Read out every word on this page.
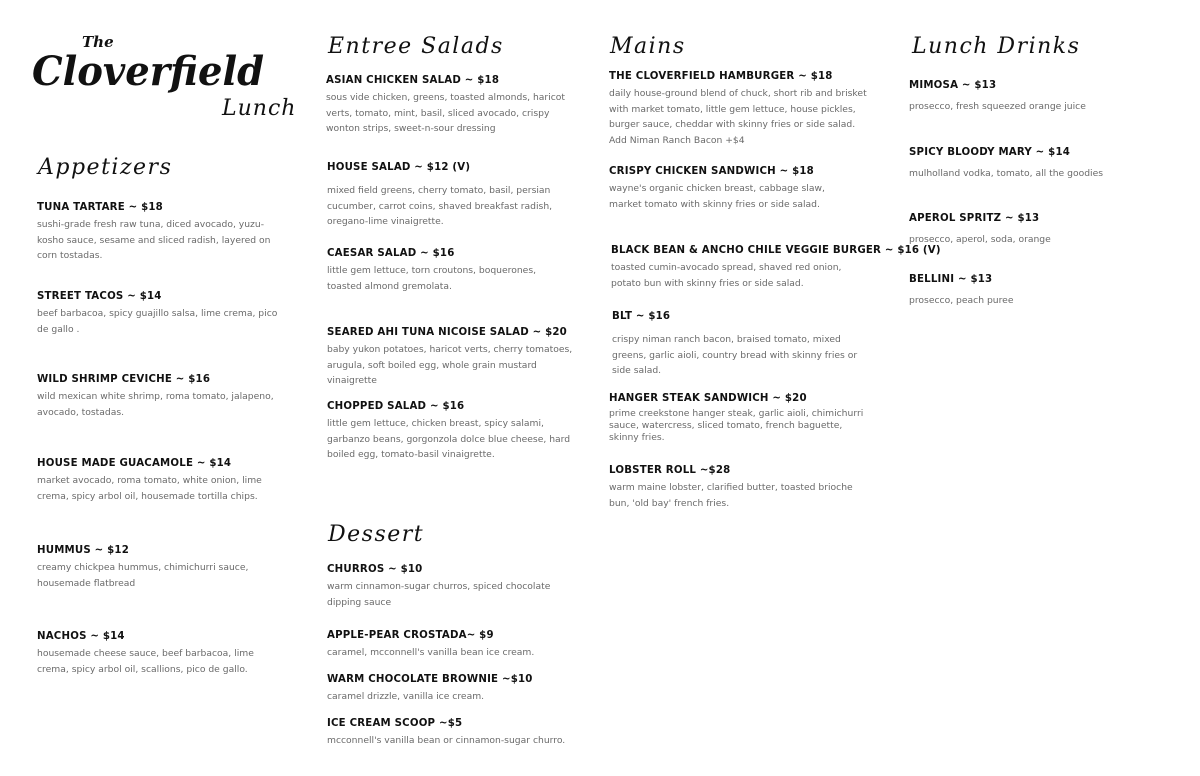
The
Cloverfield
Lunch
Appetizers
TUNA TARTARE ~ $18
sushi-grade fresh raw tuna, diced avocado, yuzu-kosho sauce, sesame and sliced radish, layered on corn tostadas.
STREET TACOS ~ $14
beef barbacoa, spicy guajillo salsa, lime crema, pico de gallo .
WILD SHRIMP CEVICHE ~ $16
wild mexican white shrimp, roma tomato, jalapeno, avocado, tostadas.
HOUSE MADE GUACAMOLE ~ $14
market avocado, roma tomato, white onion, lime crema, spicy arbol oil, housemade tortilla chips.
HUMMUS ~ $12
creamy chickpea hummus, chimichurri sauce, housemade flatbread
NACHOS ~ $14
housemade cheese sauce, beef barbacoa, lime crema, spicy arbol oil, scallions, pico de gallo.
Entree Salads
ASIAN CHICKEN SALAD ~ $18
sous vide chicken, greens, toasted almonds, haricot verts, tomato, mint, basil, sliced avocado, crispy wonton strips, sweet-n-sour dressing
HOUSE SALAD ~ $12 (V)
mixed field greens, cherry tomato, basil, persian cucumber, carrot coins, shaved breakfast radish, oregano-lime vinaigrette.
CAESAR SALAD ~ $16
little gem lettuce, torn croutons, boquerones, toasted almond gremolata.
SEARED AHI TUNA NICOISE SALAD ~ $20
baby yukon potatoes, haricot verts, cherry tomatoes, arugula, soft boiled egg, whole grain mustard vinaigrette
CHOPPED SALAD ~ $16
little gem lettuce, chicken breast, spicy salami, garbanzo beans, gorgonzola dolce blue cheese, hard boiled egg, tomato-basil vinaigrette.
Dessert
CHURROS ~ $10
warm cinnamon-sugar churros, spiced chocolate dipping sauce
APPLE-PEAR CROSTADA~ $9
caramel, mcconnell's vanilla bean ice cream.
WARM CHOCOLATE BROWNIE ~$10
caramel drizzle, vanilla ice cream.
ICE CREAM SCOOP ~$5
mcconnell's vanilla bean or cinnamon-sugar churro.
Mains
THE CLOVERFIELD HAMBURGER ~ $18
daily house-ground blend of chuck, short rib and brisket with market tomato, little gem lettuce, house pickles, burger sauce, cheddar with skinny fries or side salad.
Add Niman Ranch Bacon +$4
CRISPY CHICKEN SANDWICH ~ $18
wayne's organic chicken breast, cabbage slaw, market tomato with skinny fries or side salad.
BLACK BEAN & ANCHO CHILE VEGGIE BURGER ~ $16 (V)
toasted cumin-avocado spread, shaved red onion, potato bun with skinny fries or side salad.
BLT ~ $16
crispy niman ranch bacon, braised tomato, mixed greens, garlic aioli, country bread with skinny fries or side salad.
HANGER STEAK SANDWICH ~ $20
prime creekstone hanger steak, garlic aioli, chimichurri sauce, watercress, sliced tomato, french baguette, skinny fries.
LOBSTER ROLL ~$28
warm maine lobster, clarified butter, toasted brioche bun, 'old bay' french fries.
Lunch Drinks
MIMOSA ~ $13
prosecco, fresh squeezed orange juice
SPICY BLOODY MARY ~ $14
mulholland vodka, tomato, all the goodies
APEROL SPRITZ ~ $13
prosecco, aperol, soda, orange
BELLINI ~ $13
prosecco, peach puree
